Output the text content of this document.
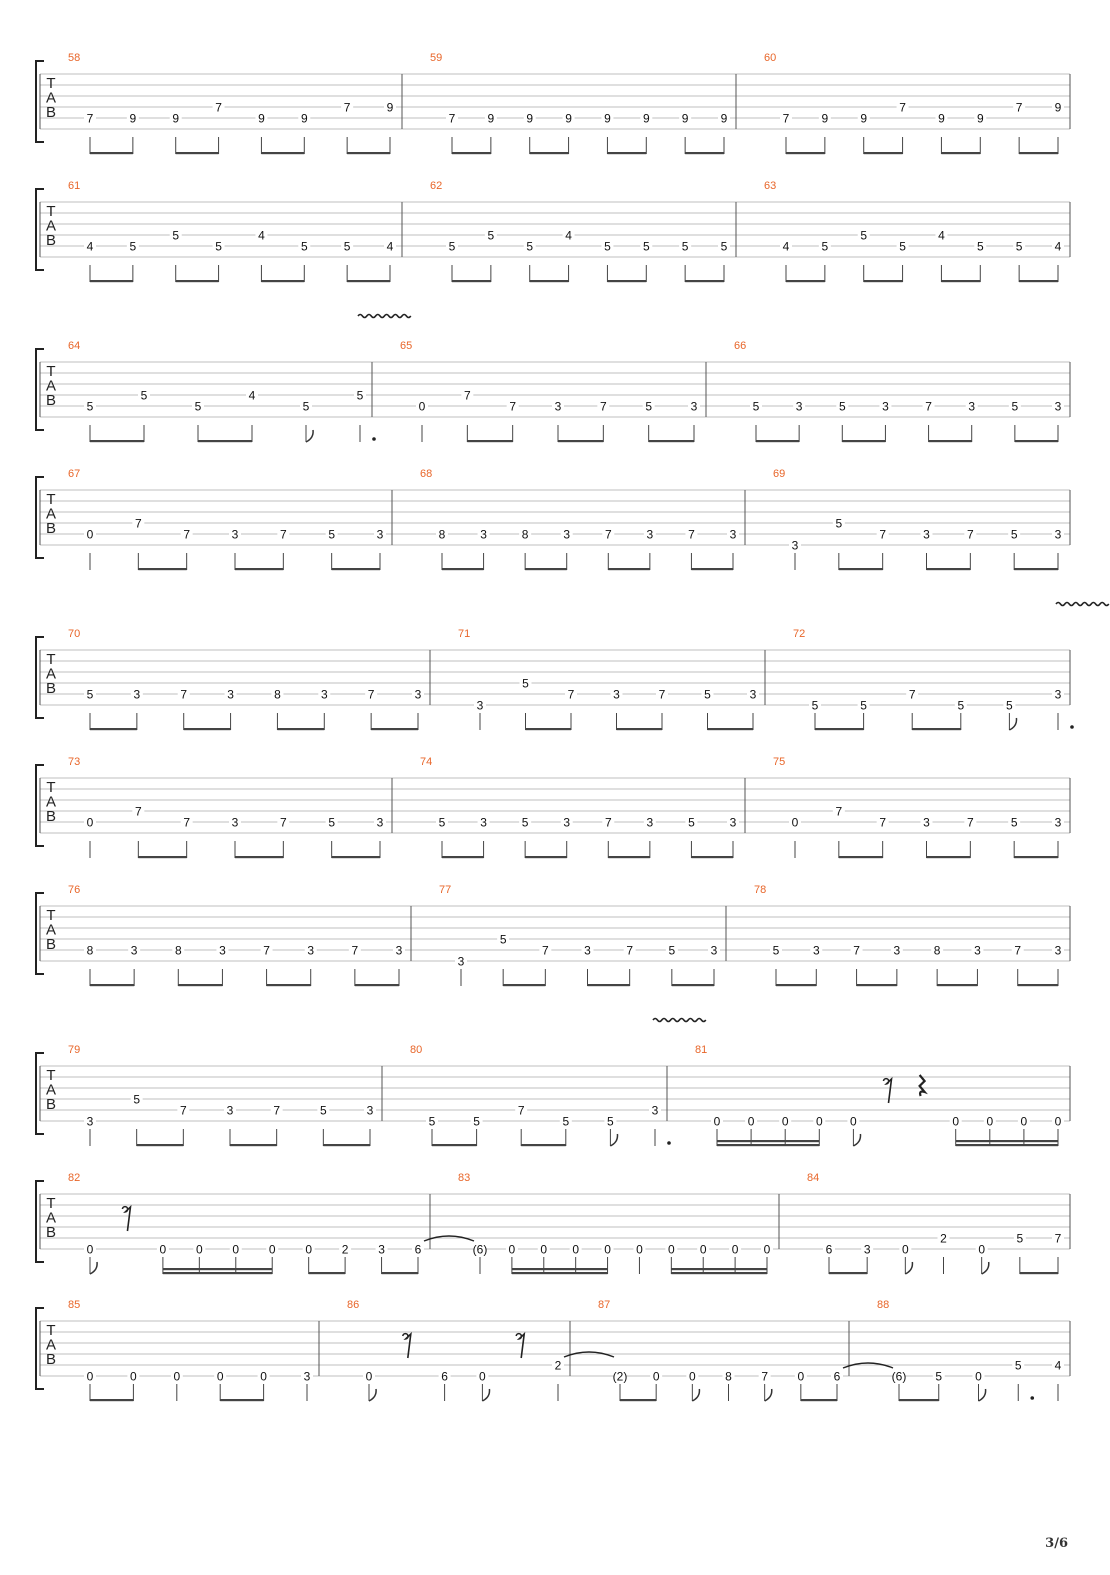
T
A
B
58
7	9	9
7
9	9
7	9
59
7	9	9	9	9	9	9	9
60
7	9	9
7
9	9
7	9
T
A
B
61
4	5
5
5
4
5	5	4
62
5
5
5
4
5	5	5	5
63
4	5
5
5
4
5	5	4
T
A
B
64
5
5
5
4
5
5
65
0
7
7	3	7	5	3
66
5	3	5	3	7	3	5	3
T
A
B
67
0
7
7	3	7	5	3
68
8	3	8	3	7	3	7	3
69
3
5
7	3	7	5	3
T
A
B
70
5	3	7	3	8	3	7	3
71
3
5
7	3	7	5	3
72
5	5
7
5	5
3
T
A
B
73
0
7
7	3	7	5	3
74
5	3	5	3	7	3	5	3
75
0
7
7	3	7	5	3
T
A
B
76
8	3	8	3	7	3	7	3
77
3
5
7	3	7	5	3
78
5	3	7	3	8	3	7	3
T
A
B
79
3
5
7	3	7	5	3
80
5	5
7
5	5
3
81
0 0 0 0 0	0 0 0 0
T
A
B
82
0	0 0 0 0 0 2 3 6
83
(6) 0 0 0 0 0 0 0 0 0
84
6	3	0
2
0
5	7
T
A
B
85
0	0	0	0	0	3
86
0	6	0
2
87
(2) 0 0 8 7 0 6
88
(6) 5	0
5	4
3/6
